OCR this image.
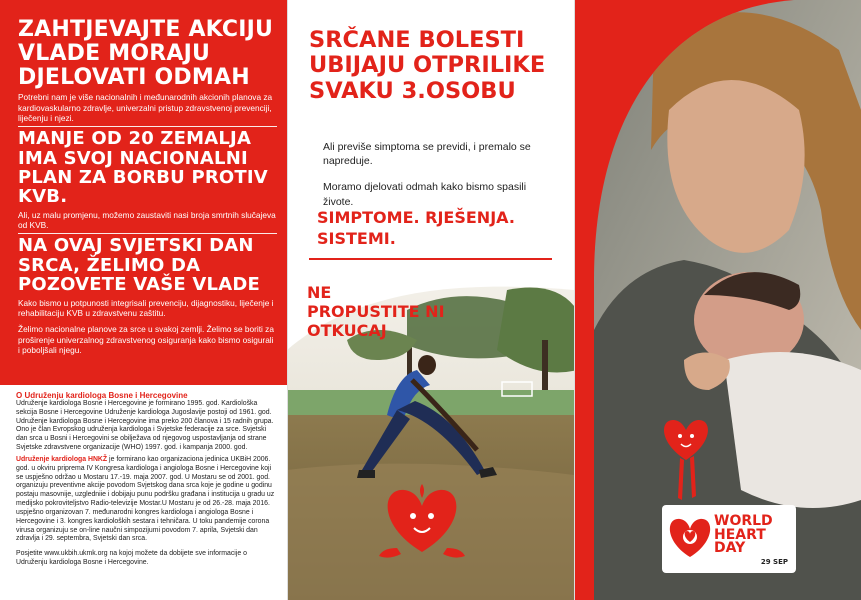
ZAHTJEVAJTE AKCIJU VLADE MORAJU DJELOVATI ODMAH

Potrebni nam je više nacionalnih i međunarodnih akcionih planova za kardiovaskularno zdravlje, univerzalni pristup zdravstvenoj prevenciji, liječenju i njezi.

MANJE OD 20 ZEMALJA IMA SVOJ NACIONALNI PLAN ZA BORBU PROTIV KVB.

Ali, uz malu promjenu, možemo zaustaviti nasi broja smrtnih slučajeva od KVB.

NA OVAJ SVJETSKI DAN SRCA, ŽELIMO DA POZOVETE VAŠE VLADE

Kako bismo u potpunosti integrisali prevenciju, dijagnostiku, liječenje i rehabilitaciju KVB u zdravstvenu zaštitu.

Želimo nacionalne planove za srce u svakoj zemlji. Želimo se boriti za proširenje univerzalnog zdravstvenog osiguranja kako bismo osigurali i poboljšali njegu.

O Udruženju kardiologa Bosne i Hercegovine

Udruženje kardiologa Bosne i Hercegovine je formirano 1995. god. Kardiološka sekcija Bosne i Hercegovine Udruženje kardiologa Jugoslavije postoji od 1961. god. Udruženje kardiologa Bosne i Hercegovine ima preko 200 članova i 15 radnih grupa. Ono je član Evropskog udruženja kardiologa i Svjetske federacije za srce. Svjetski dan srca u Bosni i Hercegovini se obilježava od njegovog uspostavljanja od strane Svjetske zdravstvene organizacije (WHO) 1997. god. i kampanja 2000. god.

Udruženje kardiologa HNKŽ je formirano kao organizaciona jedinica UKBiH 2006. god. u okviru priprema IV Kongresa kardiologa i angiologa Bosne i Hercegovine koji se uspješno održao u Mostaru 17.-19. maja 2007. god. U Mostaru se od 2001. god. organizuju preventivne akcije povodom Svjetskog dana srca koje je godine u godinu postaju masovnije, uzgledniie i dobijaju punu podršku građana i institucija u gradu uz medijsko pokroviteljstvo Radio-televizije Mostar.U Mostaru je od 26.-28. maja 2016. uspješno organizovan 7. međunarodni kongres kardiologa i angiologa Bosne i Hercegovine i 3. kongres kardioloških sestara i tehničara. U toku pandemije corona virusa organizuju se on-line naučni simpozijumi povodom 7. aprila, Svjetski dan zdravlja i 29. septembra, Svjetski dan srca.

Posjetite www.ukbih.ukmk.org na kojoj možete da dobijete sve informacije o Udruženju kardiologa Bosne i Hercegovine.

SRČANE BOLESTI UBIJAJU OTPRILIKE SVAKU 3.OSOBU

Ali previše simptoma se previdi, i premalo se napreduje.

Moramo djelovati odmah kako bismo spasili živote.

SIMPTOME. RJEŠENJA. SISTEMI.
NE PROPUSTITE NI OTKUCAJ
WORLD
HEART
DAY
29 SEP
